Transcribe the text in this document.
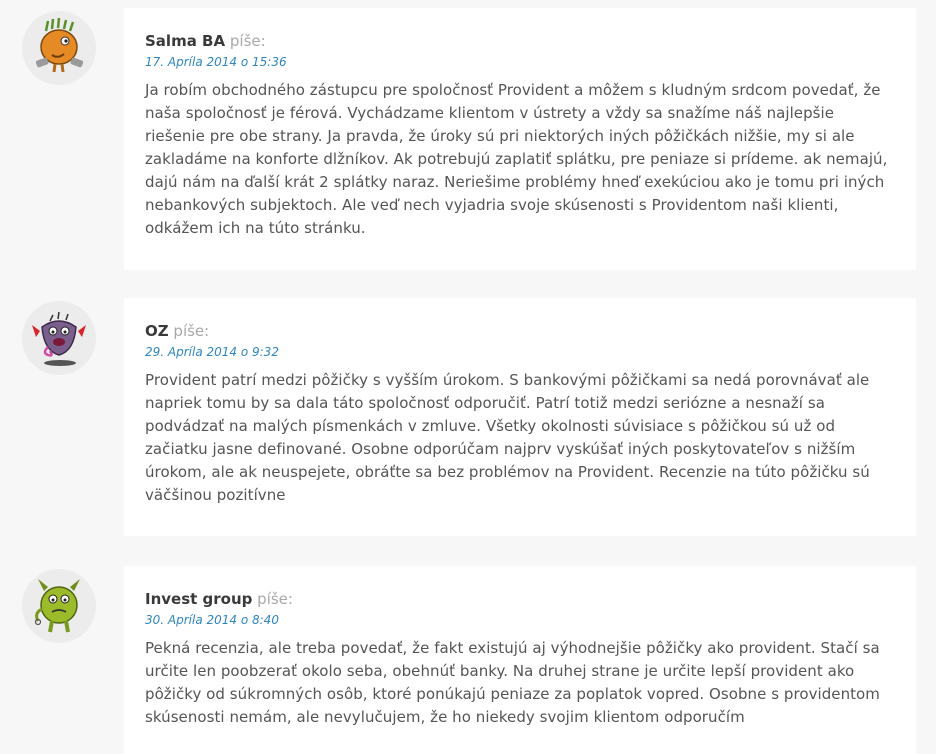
Salma BA píše:

17. Apríla 2014 o 15:36
Ja robím obchodného zástupcu pre spoločnosť Provident a môžem s kludným srdcom povedať, že
naša spoločnosť je férová. Vychádzame klientom v ústrety a vždy sa snažíme náš najlepšie
riešenie pre obe strany. Ja pravda, že úroky sú pri niektorých iných pôžičkách nižšie, my si ale
zakladáme na konforte dlžníkov. Ak potrebujú zaplatiť splátku, pre peniaze si prídeme. ak nemajú,
dajú nám na ďalší krát 2 splátky naraz. Neriešime problémy hneď exekúciou ako je tomu pri iných
nebankových subjektoch. Ale veď nech vyjadria svoje skúsenosti s Providentom naši klienti,
odkážem ich na túto stránku.

OZ píše:

29. Apríla 2014 o 9:32
Provident patrí medzi pôžičky s vyšším úrokom. S bankovými pôžičkami sa nedá porovnávať ale
napriek tomu by sa dala táto spoločnosť odporučiť. Patrí totiž medzi seriózne a nesnaží sa
podvádzať na malých písmenkách v zmluve. Všetky okolnosti súvisiace s pôžičkou sú už od
začiatku jasne definované. Osobne odporúčam najprv vyskúšať iných poskytovateľov s nižším
úrokom, ale ak neuspejete, obráťte sa bez problémov na Provident. Recenzie na túto pôžičku sú
väčšinou pozitívne

Invest group píše:

30. Apríla 2014 o 8:40
Pekná recenzia, ale treba povedať, že fakt existujú aj výhodnejšie pôžičky ako provident. Stačí sa
určite len poobzerať okolo seba, obehnúť banky. Na druhej strane je určite lepší provident ako
pôžičky od súkromných osôb, ktoré ponúkajú peniaze za poplatok vopred. Osobne s providentom
skúsenosti nemám, ale nevylučujem, že ho niekedy svojim klientom odporučím
